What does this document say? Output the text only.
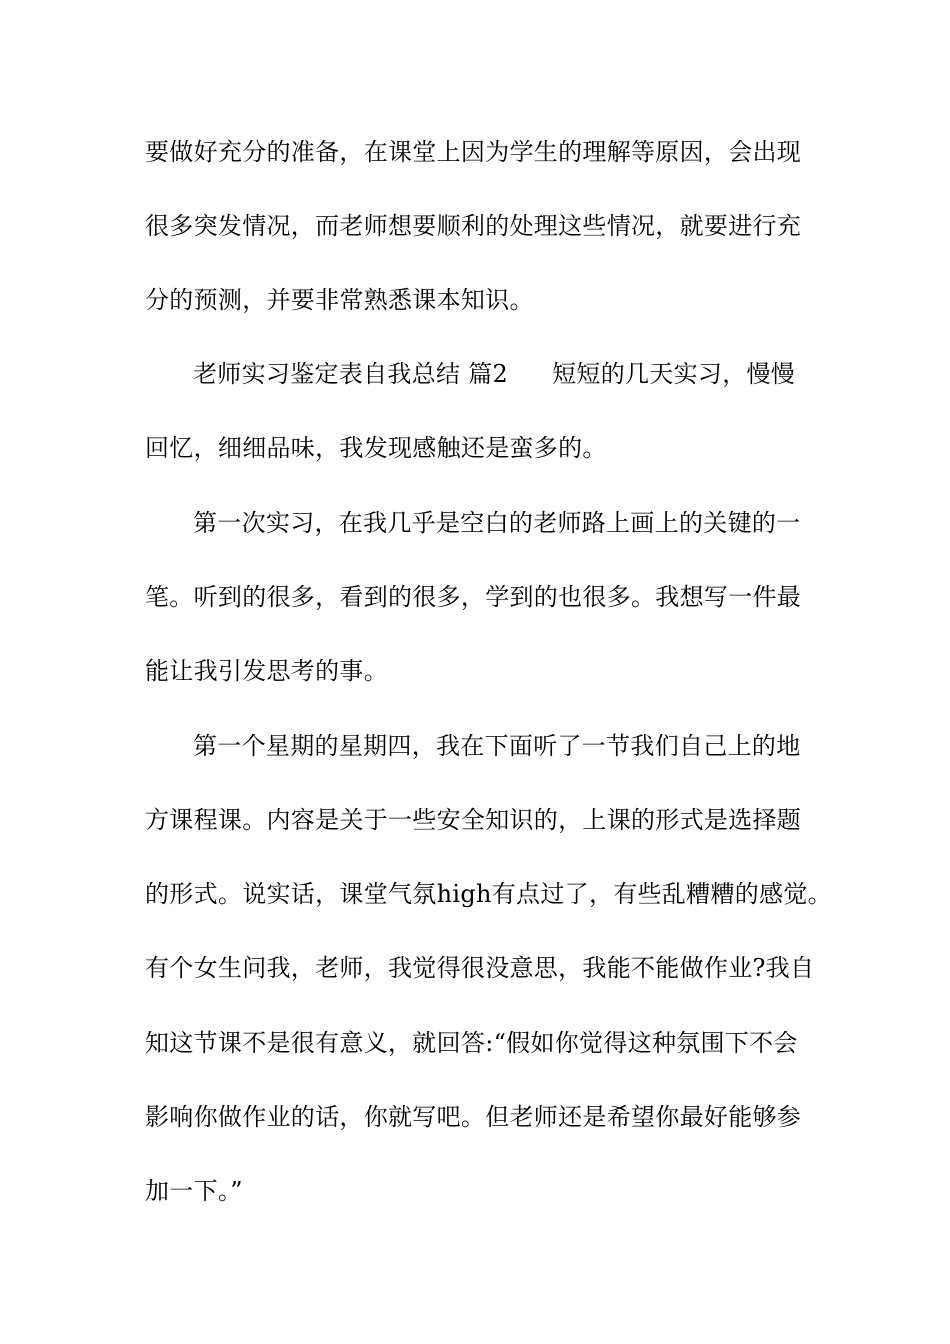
要做好充分的准备，在课堂上因为学生的理解等原因，会出现
很多突发情况，而老师想要顺利的处理这些情况，就要进行充
分的预测，并要非常熟悉课本知识。
老师实习鉴定表自我总结 篇2 短短的几天实习，慢慢
回忆，细细品味，我发现感触还是蛮多的。
第一次实习，在我几乎是空白的老师路上画上的关键的一
笔。听到的很多，看到的很多，学到的也很多。我想写一件最
能让我引发思考的事。
第一个星期的星期四，我在下面听了一节我们自己上的地
方课程课。内容是关于一些安全知识的，上课的形式是选择题
的形式。说实话，课堂气氛high有点过了，有些乱糟糟的感觉。
有个女生问我，老师，我觉得很没意思，我能不能做作业?我自
知这节课不是很有意义，就回答:“假如你觉得这种氛围下不会
影响你做作业的话，你就写吧。但老师还是希望你最好能够参
加一下。”
